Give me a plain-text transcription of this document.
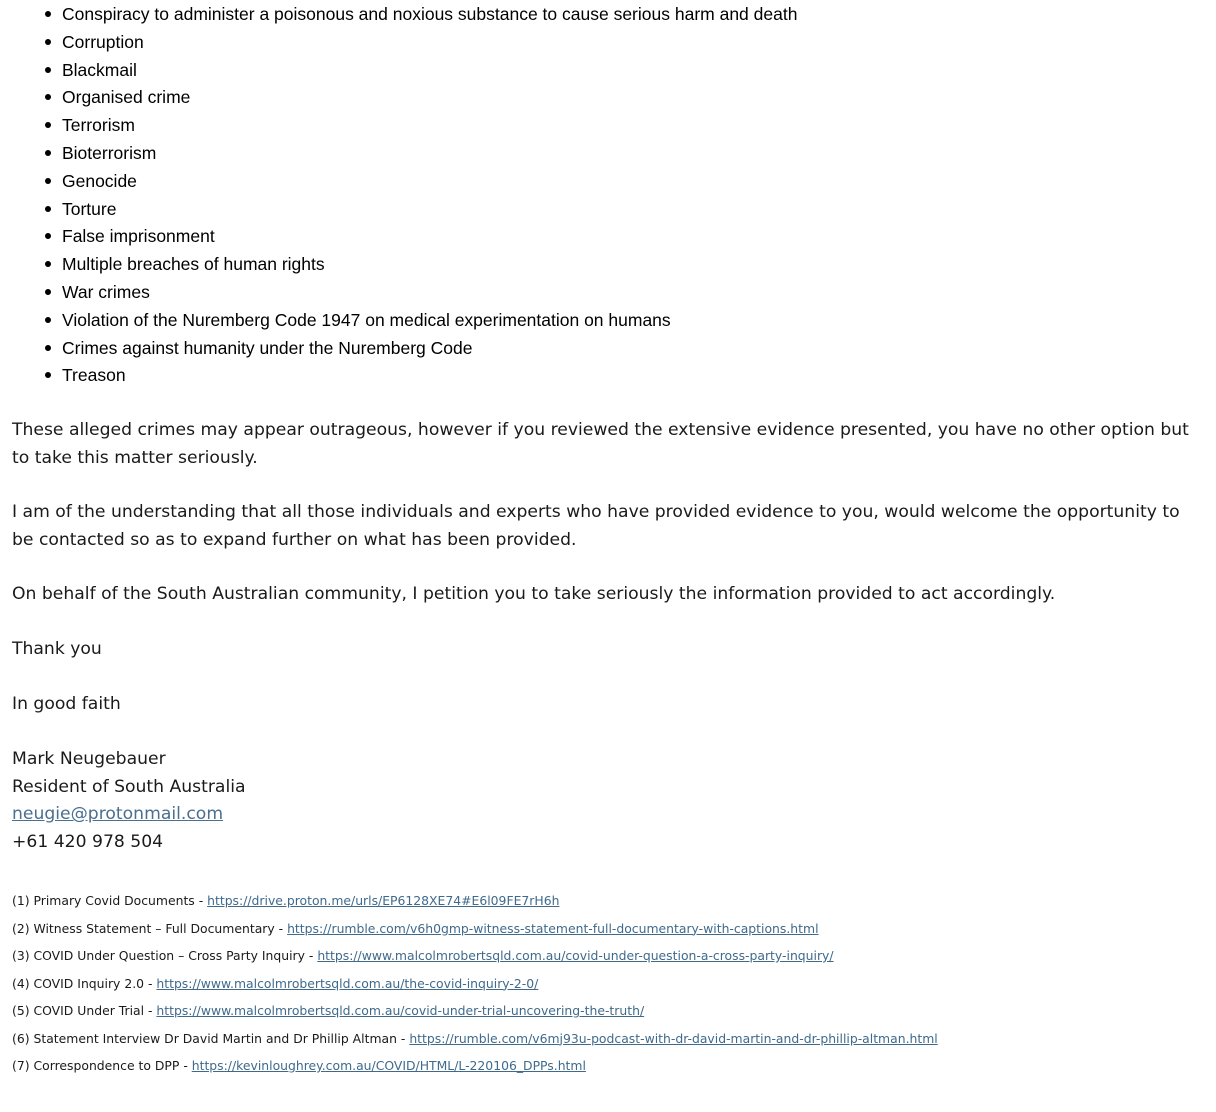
Conspiracy to administer a poisonous and noxious substance to cause serious harm and death
Corruption
Blackmail
Organised crime
Terrorism
Bioterrorism
Genocide
Torture
False imprisonment
Multiple breaches of human rights
War crimes
Violation of the Nuremberg Code 1947 on medical experimentation on humans
Crimes against humanity under the Nuremberg Code
Treason

These alleged crimes may appear outrageous, however if you reviewed the extensive evidence presented, you have no other option but to take this matter seriously.

I am of the understanding that all those individuals and experts who have provided evidence to you, would welcome the opportunity to be contacted so as to expand further on what has been provided.

On behalf of the South Australian community, I petition you to take seriously the information provided to act accordingly.

Thank you

In good faith

Mark Neugebauer
Resident of South Australia
neugie@protonmail.com
+61 420 978 504
(1) Primary Covid Documents - https://drive.proton.me/urls/EP6128XE74#E6l09FE7rH6h
(2) Witness Statement – Full Documentary - https://rumble.com/v6h0gmp-witness-statement-full-documentary-with-captions.html
(3) COVID Under Question – Cross Party Inquiry - https://www.malcolmrobertsqld.com.au/covid-under-question-a-cross-party-inquiry/
(4) COVID Inquiry 2.0 - https://www.malcolmrobertsqld.com.au/the-covid-inquiry-2-0/
(5) COVID Under Trial - https://www.malcolmrobertsqld.com.au/covid-under-trial-uncovering-the-truth/
(6) Statement Interview Dr David Martin and Dr Phillip Altman - https://rumble.com/v6mj93u-podcast-with-dr-david-martin-and-dr-phillip-altman.html
(7) Correspondence to DPP - https://kevinloughrey.com.au/COVID/HTML/L-220106_DPPs.html
